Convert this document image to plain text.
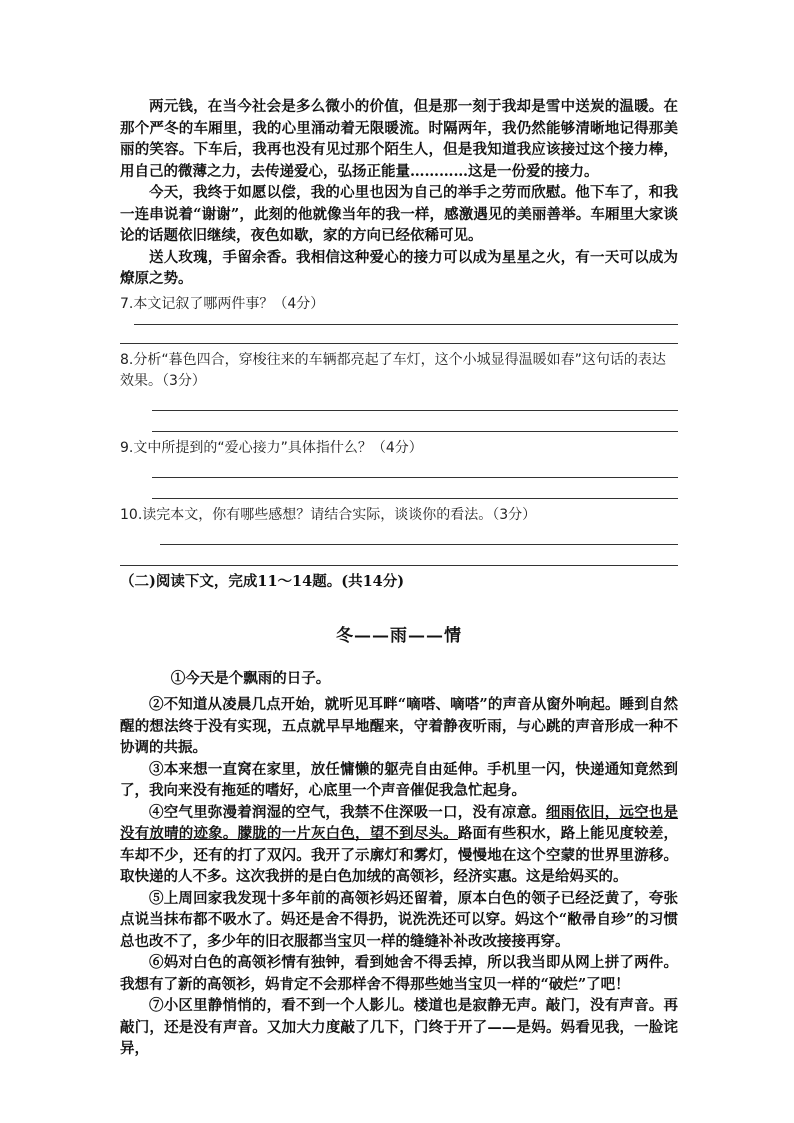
两元钱，在当今社会是多么微小的价值，但是那一刻于我却是雪中送炭的温暖。在那个严冬的车厢里，我的心里涌动着无限暖流。时隔两年，我仍然能够清晰地记得那美丽的笑容。下车后，我再也没有见过那个陌生人，但是我知道我应该接过这个接力棒，用自己的微薄之力，去传递爱心，弘扬正能量…………这是一份爱的接力。

今天，我终于如愿以偿，我的心里也因为自己的举手之劳而欣慰。他下车了，和我一连串说着“谢谢”，此刻的他就像当年的我一样，感激遇见的美丽善举。车厢里大家谈论的话题依旧继续，夜色如歇，家的方向已经依稀可见。

送人玫瑰，手留余香。我相信这种爱心的接力可以成为星星之火，有一天可以成为燎原之势。

7.本文记叙了哪两件事？（4分）

8.分析“暮色四合，穿梭往来的车辆都亮起了车灯，这个小城显得温暖如春”这句话的表达效果。（3分）

9.文中所提到的“爱心接力”具体指什么？（4分）

10.读完本文，你有哪些感想？请结合实际，谈谈你的看法。（3分）

（二)阅读下文，完成11～14题。(共14分)

冬——雨——情

①今天是个飘雨的日子。

②不知道从凌晨几点开始，就听见耳畔“嘀嗒、嘀嗒”的声音从窗外响起。睡到自然醒的想法终于没有实现，五点就早早地醒来，守着静夜听雨，与心跳的声音形成一种不协调的共振。

③本来想一直窝在家里，放任慵懒的躯壳自由延伸。手机里一闪，快递通知竟然到了，我向来没有拖延的嗜好，心底里一个声音催促我急忙起身。

④空气里弥漫着润湿的空气，我禁不住深吸一口，没有凉意。细雨依旧，远空也是没有放晴的迹象。朦胧的一片灰白色，望不到尽头。路面有些积水，路上能见度较差，车却不少，还有的打了双闪。我开了示廓灯和雾灯，慢慢地在这个空蒙的世界里游移。取快递的人不多。这次我拼的是白色加绒的高领衫，经济实惠。这是给妈买的。

⑤上周回家我发现十多年前的高领衫妈还留着，原本白色的领子已经泛黄了，夸张点说当抹布都不吸水了。妈还是舍不得扔，说洗洗还可以穿。妈这个“敝帚自珍”的习惯总也改不了，多少年的旧衣服都当宝贝一样的缝缝补补改改接接再穿。

⑥妈对白色的高领衫情有独钟，看到她舍不得丢掉，所以我当即从网上拼了两件。我想有了新的高领衫，妈肯定不会那样舍不得那些她当宝贝一样的“破烂”了吧！

⑦小区里静悄悄的，看不到一个人影儿。楼道也是寂静无声。敲门，没有声音。再敲门，还是没有声音。又加大力度敲了几下，门终于开了——是妈。妈看见我，一脸诧异，
